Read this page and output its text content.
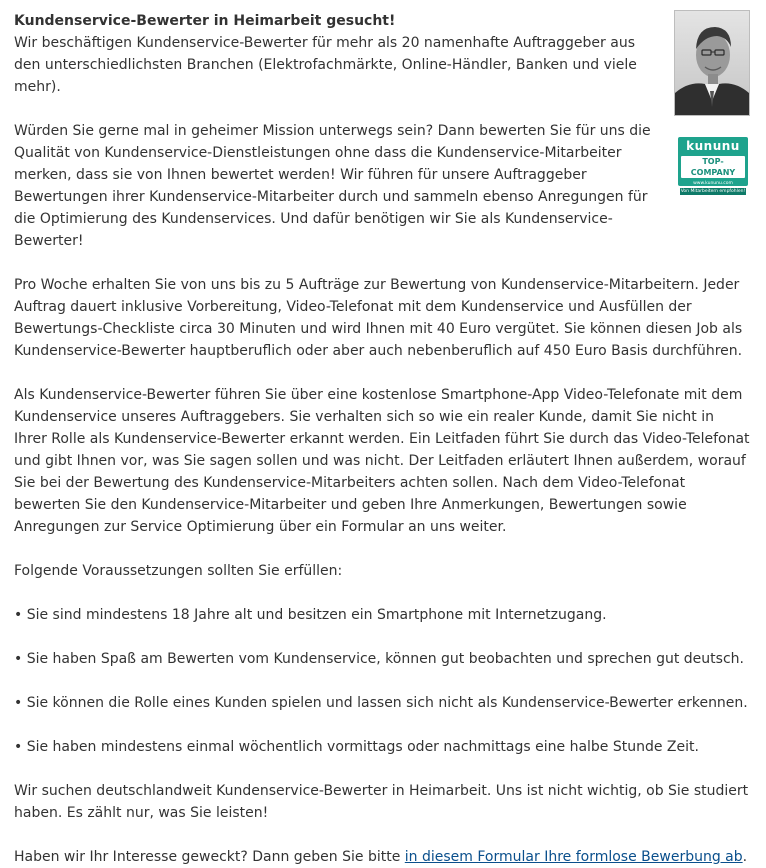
Kundenservice-Bewerter in Heimarbeit gesucht!

Wir beschäftigen Kundenservice-Bewerter für mehr als 20 namenhafte Auftraggeber aus den unterschiedlichsten Branchen (Elektrofachmärkte, Online-Händler, Banken und viele mehr).

Würden Sie gerne mal in geheimer Mission unterwegs sein? Dann bewerten Sie für uns die Qualität von Kundenservice-Dienstleistungen ohne dass die Kundenservice-Mitarbeiter merken, dass sie von Ihnen bewertet werden! Wir führen für unsere Auftraggeber Bewertungen ihrer Kundenservice-Mitarbeiter durch und sammeln ebenso Anregungen für die Optimierung des Kundenservices. Und dafür benötigen wir Sie als Kundenservice-Bewerter!

Pro Woche erhalten Sie von uns bis zu 5 Aufträge zur Bewertung von Kundenservice-Mitarbeitern. Jeder Auftrag dauert inklusive Vorbereitung, Video-Telefonat mit dem Kundenservice und Ausfüllen der Bewertungs-Checkliste circa 30 Minuten und wird Ihnen mit 40 Euro vergütet. Sie können diesen Job als Kundenservice-Bewerter hauptberuflich oder aber auch nebenberuflich auf 450 Euro Basis durchführen.

Als Kundenservice-Bewerter führen Sie über eine kostenlose Smartphone-App Video-Telefonate mit dem Kundenservice unseres Auftraggebers. Sie verhalten sich so wie ein realer Kunde, damit Sie nicht in Ihrer Rolle als Kundenservice-Bewerter erkannt werden. Ein Leitfaden führt Sie durch das Video-Telefonat und gibt Ihnen vor, was Sie sagen sollen und was nicht. Der Leitfaden erläutert Ihnen außerdem, worauf Sie bei der Bewertung des Kundenservice-Mitarbeiters achten sollen. Nach dem Video-Telefonat bewerten Sie den Kundenservice-Mitarbeiter und geben Ihre Anmerkungen, Bewertungen sowie Anregungen zur Service Optimierung über ein Formular an uns weiter.

Folgende Voraussetzungen sollten Sie erfüllen:

• Sie sind mindestens 18 Jahre alt und besitzen ein Smartphone mit Internetzugang.

• Sie haben Spaß am Bewerten vom Kundenservice, können gut beobachten und sprechen gut deutsch.

• Sie können die Rolle eines Kunden spielen und lassen sich nicht als Kundenservice-Bewerter erkennen.

• Sie haben mindestens einmal wöchentlich vormittags oder nachmittags eine halbe Stunde Zeit.

Wir suchen deutschlandweit Kundenservice-Bewerter in Heimarbeit. Uns ist nicht wichtig, ob Sie studiert haben. Es zählt nur, was Sie leisten!

Haben wir Ihr Interesse geweckt? Dann geben Sie bitte in diesem Formular Ihre formlose Bewerbung ab.

kununu
TOP-COMPANY
www.kununu.com
Von Mitarbeitern empfohlen!
